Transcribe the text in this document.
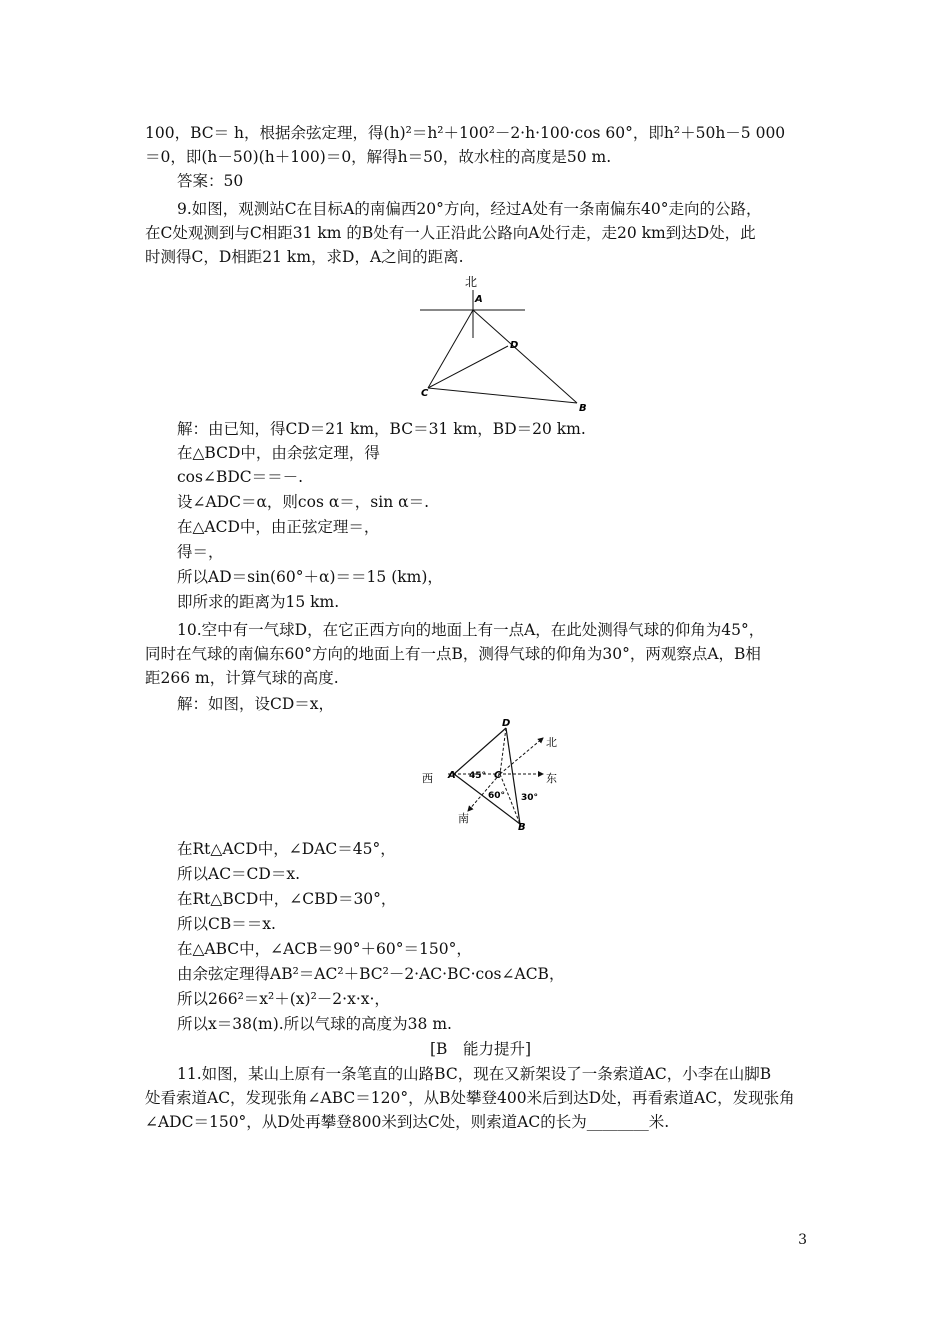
100，BC＝ h，根据余弦定理，得(h)²＝h²＋100²－2·h·100·cos 60°，即h²＋50h－5 000
＝0，即(h－50)(h＋100)＝0，解得h＝50，故水柱的高度是50 m.
答案：50
9.如图，观测站C在目标A的南偏西20°方向，经过A处有一条南偏东40°走向的公路，
在C处观测到与C相距31 km 的B处有一人正沿此公路向A处行走，走20 km到达D处，此
时测得C，D相距21 km，求D，A之间的距离.
北
A
D
C
B
解：由已知，得CD＝21 km，BC＝31 km，BD＝20 km.
在△BCD中，由余弦定理，得
cos∠BDC＝＝－.
设∠ADC＝α，则cos α＝，sin α＝.
在△ACD中，由正弦定理＝，
得＝，
所以AD＝sin(60°＋α)＝＝15 (km)，
即所求的距离为15 km.
10.空中有一气球D，在它正西方向的地面上有一点A，在此处测得气球的仰角为45°，
同时在气球的南偏东60°方向的地面上有一点B，测得气球的仰角为30°，两观察点A，B相
距266 m，计算气球的高度.
解：如图，设CD＝x，
D
西 A 45° C	东
北
60° 30°
南
B
在Rt△ACD中，∠DAC＝45°，
所以AC＝CD＝x.
在Rt△BCD中，∠CBD＝30°，
所以CB＝＝x.
在△ABC中，∠ACB＝90°＋60°＝150°，
由余弦定理得AB²＝AC²＋BC²－2·AC·BC·cos∠ACB，
所以266²＝x²＋(x)²－2·x·x·，
所以x＝38(m).所以气球的高度为38 m.
[B　能力提升]
11.如图，某山上原有一条笔直的山路BC，现在又新架设了一条索道AC，小李在山脚B
处看索道AC，发现张角∠ABC＝120°，从B处攀登400米后到达D处，再看索道AC，发现张角
∠ADC＝150°，从D处再攀登800米到达C处，则索道AC的长为________米.
3
